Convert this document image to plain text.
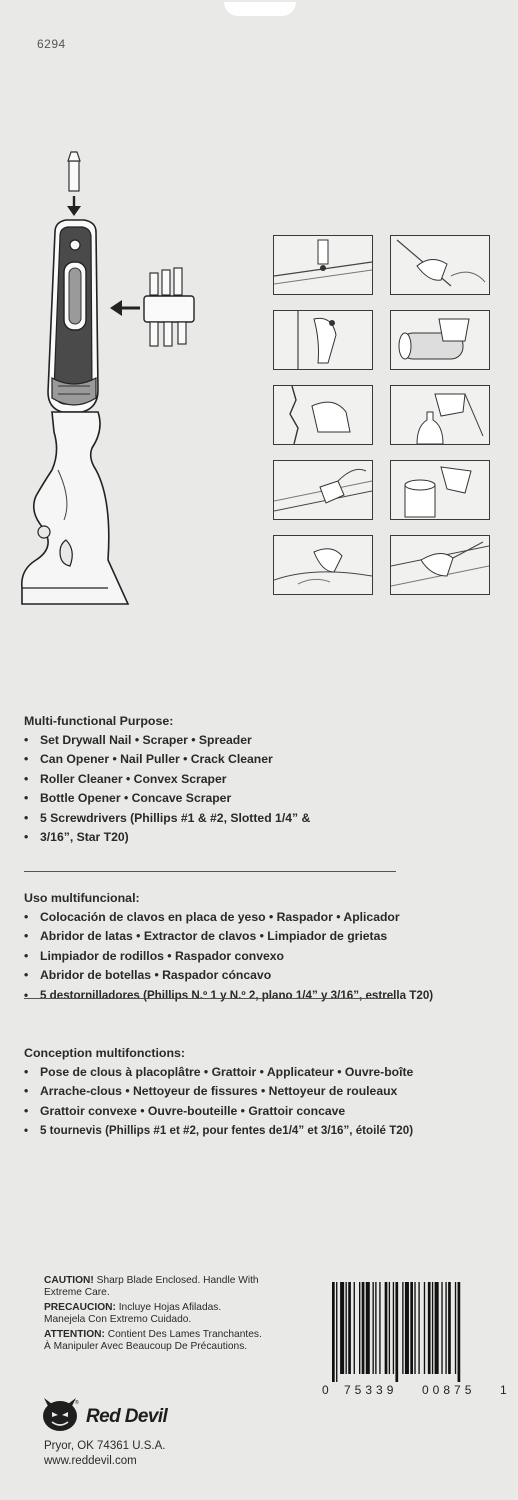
6294

Multi-functional Purpose:

• Set Drywall Nail • Scraper • Spreader
• Can Opener • Nail Puller • Crack Cleaner
• Roller Cleaner • Convex Scraper
• Bottle Opener • Concave Scraper
• 5 Screwdrivers (Phillips #1 & #2, Slotted 1/4” &
• 3/16”, Star T20)

Uso multifuncional:

• Colocación de clavos en placa de yeso • Raspador • Aplicador
• Abridor de latas • Extractor de clavos • Limpiador de grietas
• Limpiador de rodillos • Raspador convexo
• Abridor de botellas • Raspador cóncavo
• 5 destornilladores (Phillips N.º 1 y N.º 2, plano 1/4” y 3/16”, estrella T20)

Conception multifonctions:

• Pose de clous à placoplâtre • Grattoir • Applicateur • Ouvre-boîte
• Arrache-clous • Nettoyeur de fissures • Nettoyeur de rouleaux
• Grattoir convexe • Ouvre-bouteille • Grattoir concave
• 5 tournevis (Phillips #1 et #2, pour fentes de1/4” et 3/16”, étoilé T20)

CAUTION! Sharp Blade Enclosed. Handle With Extreme Care.

PRECAUCION: Incluye Hojas Afiladas. Manejela Con Extremo Cuidado.

ATTENTION: Contient Des Lames Tranchantes. À Manipuler Avec Beaucoup De Précautions.

®
Red Devil
Pryor, OK 74361 U.S.A.
www.reddevil.com
0 75339 00875 1
